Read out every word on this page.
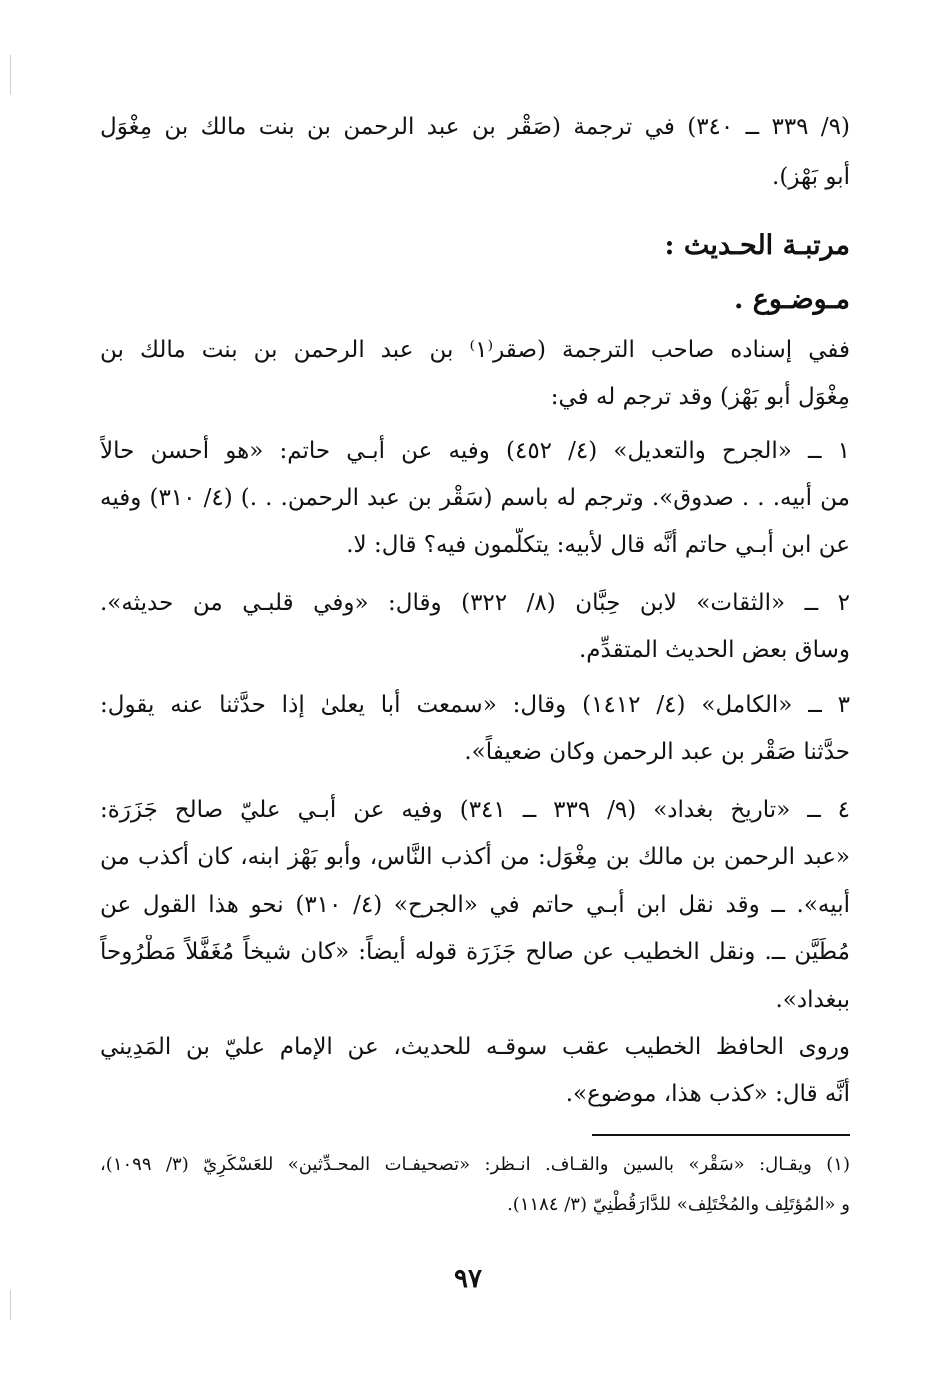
(٩/ ٣٣٩ ــ ٣٤٠) في ترجمة (صَقْر بن عبد الرحمن بن بنت مالك بن مِغْوَل
أبو بَهْز).
مرتبـة الحـديث :
مـوضـوع .
ففي إسناده صاحب الترجمة (صقر⁽١⁾ بن عبد الرحمن بن بنت مالك بن
مِغْوَل أبو بَهْز) وقد ترجم له في:
١ ــ «الجرح والتعديل» (٤/ ٤٥٢) وفيه عن أبـي حاتم: «هو أحسن حالاً
من أبيه. . . صدوق». وترجم له باسم (سَقْر بن عبد الرحمن. . .) (٤/ ٣١٠) وفيه
عن ابن أبـي حاتم أنَّه قال لأبيه: يتكلَّمون فيه؟ قال: لا.
٢ ــ «الثقات» لابن حِبَّان (٨/ ٣٢٢) وقال: «وفي قلبـي من حديثه».
وساق بعض الحديث المتقدِّم.
٣ ــ «الكامل» (٤/ ١٤١٢) وقال: «سمعت أبا يعلىٰ إذا حدَّثنا عنه يقول:
حدَّثنا صَقْر بن عبد الرحمن وكان ضعيفاً».
٤ ــ «تاريخ بغداد» (٩/ ٣٣٩ ــ ٣٤١) وفيه عن أبـي عليّ صالح جَزَرَة:
«عبد الرحمن بن مالك بن مِغْوَل: من أكذب النَّاس، وأبو بَهْز ابنه، كان أكذب من
أبيه». ــ وقد نقل ابن أبـي حاتم في «الجرح» (٤/ ٣١٠) نحو هذا القول عن
مُطَيَّن ــ. ونقل الخطيب عن صالح جَزَرَة قوله أيضاً: «كان شيخاً مُغَفَّلاً مَطْرُوحاً
ببغداد».
وروى الحافظ الخطيب عقب سوقـه للحديث، عن الإمام عليّ بن المَدِيني
أنَّه قال: «كذب هذا، موضوع».
(١) ويقـال: «سَقْر» بالسين والقـاف. انـظر: «تصحيفـات المحـدِّثين» للعَسْكَرِيّ (٣/ ١٠٩٩)،
و «المُؤتَلِف والمُخْتَلِف» للدَّارَقُطْنِيّ (٣/ ١١٨٤).
٩٧
